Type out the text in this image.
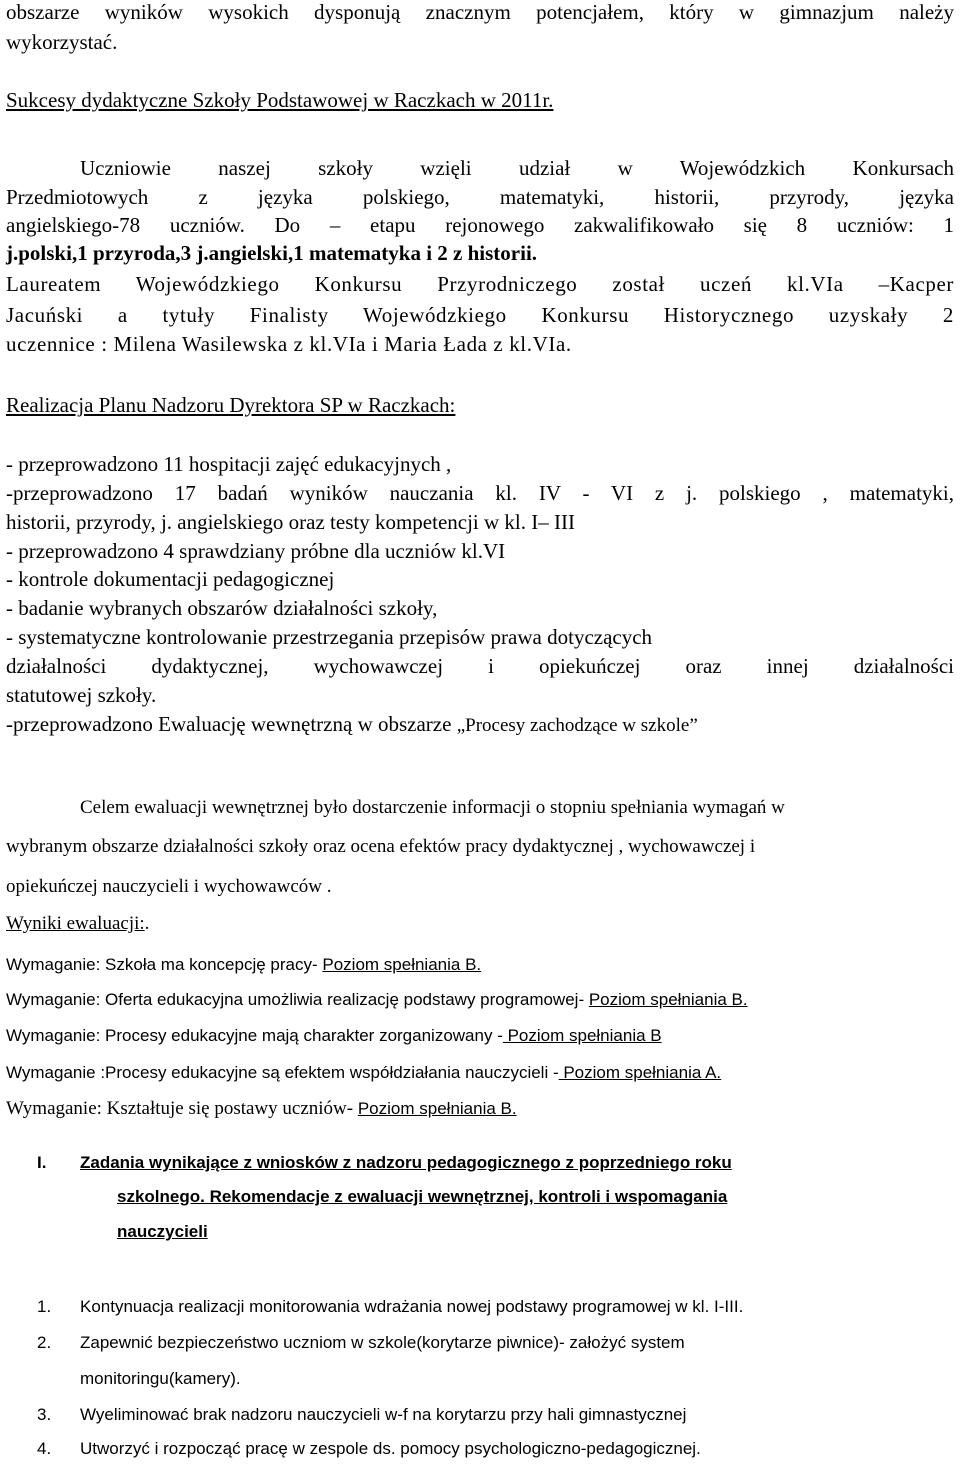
obszarze wyników wysokich dysponują znacznym potencjałem, który w gimnazjum należy
wykorzystać.
Sukcesy dydaktyczne Szkoły Podstawowej w Raczkach w 2011r.
Uczniowie naszej szkoły wzięli udział w Wojewódzkich Konkursach
Przedmiotowych z języka polskiego, matematyki, historii, przyrody, języka
angielskiego-78 uczniów. Do – etapu rejonowego zakwalifikowało się 8 uczniów: 1
j.polski,1 przyroda,3 j.angielski,1 matematyka i 2 z historii.
Laureatem Wojewódzkiego Konkursu Przyrodniczego został uczeń kl.VIa –Kacper
Jacuński a tytuły Finalisty Wojewódzkiego Konkursu Historycznego uzyskały 2
uczennice : Milena Wasilewska z kl.VIa i Maria Łada z kl.VIa.
Realizacja Planu Nadzoru Dyrektora SP w Raczkach:
- przeprowadzono 11 hospitacji zajęć edukacyjnych ,
-przeprowadzono 17 badań wyników nauczania kl. IV - VI z j. polskiego , matematyki,
historii, przyrody, j. angielskiego oraz testy kompetencji w kl. I– III
- przeprowadzono 4 sprawdziany próbne dla uczniów kl.VI
- kontrole dokumentacji pedagogicznej
- badanie wybranych obszarów działalności szkoły,
- systematyczne kontrolowanie przestrzegania przepisów prawa dotyczących
działalności dydaktycznej, wychowawczej i opiekuńczej oraz innej działalności
statutowej szkoły.
-przeprowadzono Ewaluację wewnętrzną w obszarze „Procesy zachodzące w szkole”
Celem ewaluacji wewnętrznej było dostarczenie informacji o stopniu spełniania wymagań w
wybranym obszarze działalności szkoły oraz ocena efektów pracy dydaktycznej , wychowawczej i
opiekuńczej nauczycieli i wychowawców .
Wyniki ewaluacji:.
Wymaganie: Szkoła ma koncepcję pracy- Poziom spełniania B.
Wymaganie: Oferta edukacyjna umożliwia realizację podstawy programowej- Poziom spełniania B.
Wymaganie: Procesy edukacyjne mają charakter zorganizowany - Poziom spełniania B
Wymaganie :Procesy edukacyjne są efektem współdziałania nauczycieli - Poziom spełniania A.
Wymaganie: Kształtuje się postawy uczniów- Poziom spełniania B.
I. Zadania wynikające z wniosków z nadzoru pedagogicznego z poprzedniego roku
szkolnego. Rekomendacje z ewaluacji wewnętrznej, kontroli i wspomagania
nauczycieli
1. Kontynuacja realizacji monitorowania wdrażania nowej podstawy programowej w kl. I-III.
2. Zapewnić bezpieczeństwo uczniom w szkole(korytarze piwnice)- założyć system
monitoringu(kamery).
3. Wyeliminować brak nadzoru nauczycieli w-f na korytarzu przy hali gimnastycznej
4. Utworzyć i rozpocząć pracę w zespole ds. pomocy psychologiczno-pedagogicznej.
